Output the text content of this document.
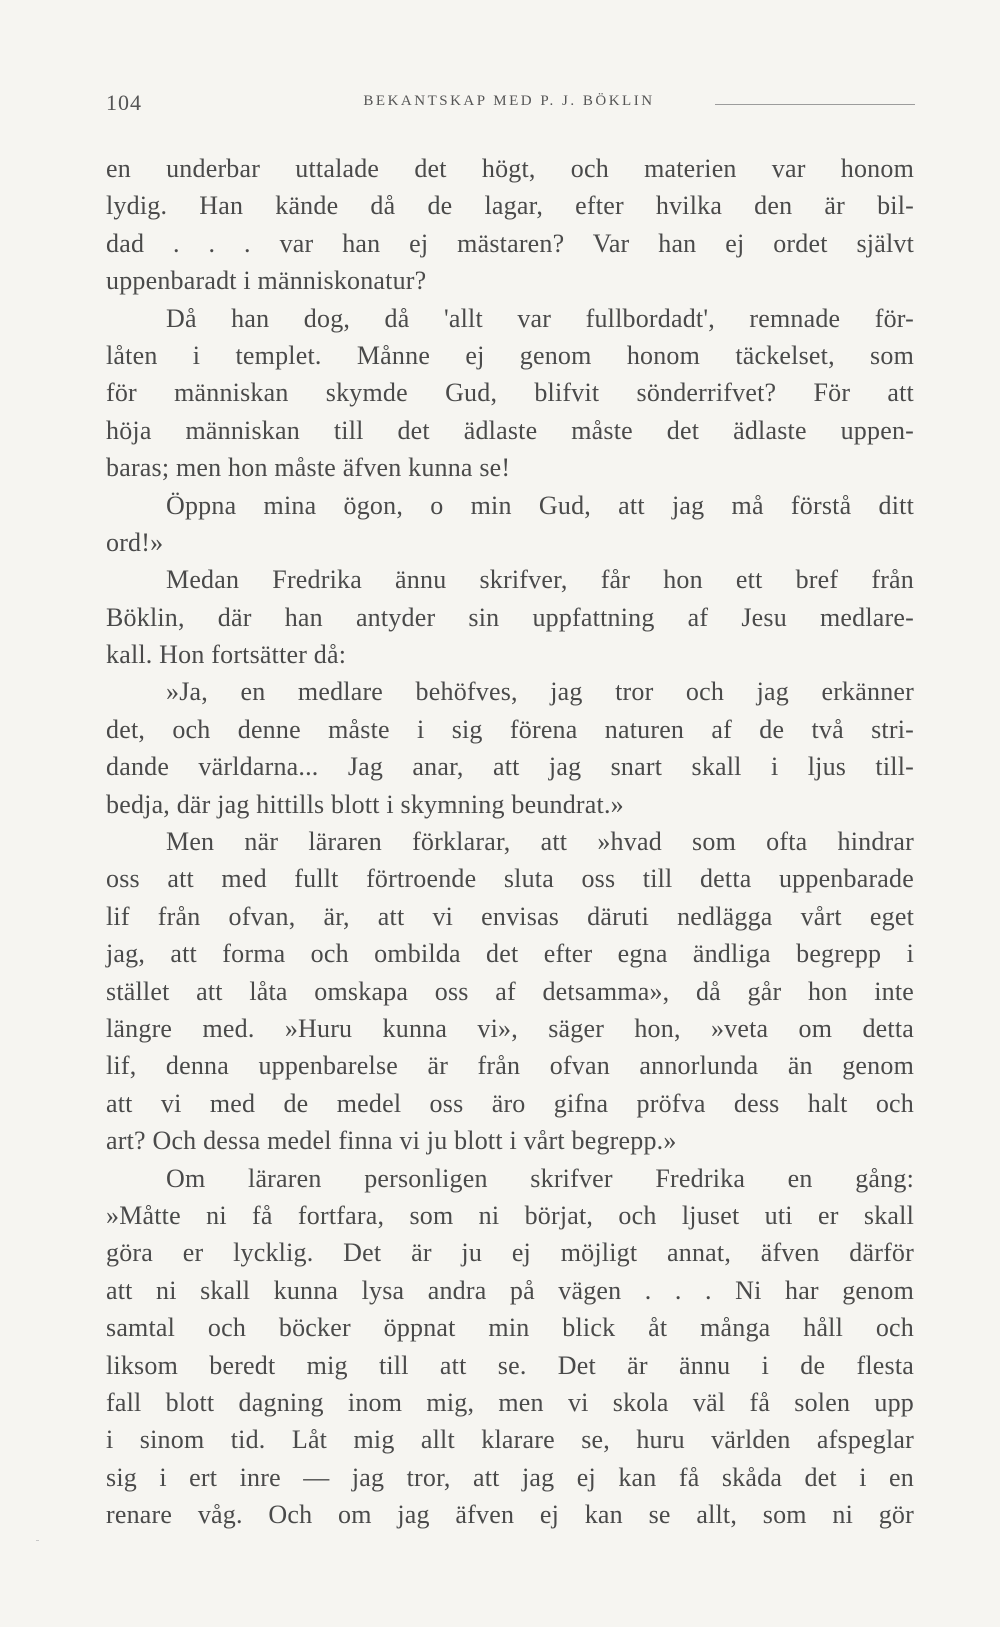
104	BEKANTSKAP MED P. J. BÖKLIN
en underbar uttalade det högt, och materien var honom
lydig. Han kände då de lagar, efter hvilka den är bil-
dad . . . var han ej mästaren? Var han ej ordet självt
uppenbaradt i människonatur?
Då han dog, då 'allt var fullbordadt', remnade för-
låten i templet. Månne ej genom honom täckelset, som
för människan skymde Gud, blifvit sönderrifvet? För att
höja människan till det ädlaste måste det ädlaste uppen-
baras; men hon måste äfven kunna se!
Öppna mina ögon, o min Gud, att jag må förstå ditt
ord!»
Medan Fredrika ännu skrifver, får hon ett bref från
Böklin, där han antyder sin uppfattning af Jesu medlare-
kall. Hon fortsätter då:
»Ja, en medlare behöfves, jag tror och jag erkänner
det, och denne måste i sig förena naturen af de två stri-
dande världarna... Jag anar, att jag snart skall i ljus till-
bedja, där jag hittills blott i skymning beundrat.»
Men när läraren förklarar, att »hvad som ofta hindrar
oss att med fullt förtroende sluta oss till detta uppenbarade
lif från ofvan, är, att vi envisas däruti nedlägga vårt eget
jag, att forma och ombilda det efter egna ändliga begrepp i
stället att låta omskapa oss af detsamma», då går hon inte
längre med. »Huru kunna vi», säger hon, »veta om detta
lif, denna uppenbarelse är från ofvan annorlunda än genom
att vi med de medel oss äro gifna pröfva dess halt och
art? Och dessa medel finna vi ju blott i vårt begrepp.»
Om läraren personligen skrifver Fredrika en gång:
»Måtte ni få fortfara, som ni börjat, och ljuset uti er skall
göra er lycklig. Det är ju ej möjligt annat, äfven därför
att ni skall kunna lysa andra på vägen . . . Ni har genom
samtal och böcker öppnat min blick åt många håll och
liksom beredt mig till att se. Det är ännu i de flesta
fall blott dagning inom mig, men vi skola väl få solen upp
i sinom tid. Låt mig allt klarare se, huru världen afspeglar
sig i ert inre — jag tror, att jag ej kan få skåda det i en
renare våg. Och om jag äfven ej kan se allt, som ni gör
